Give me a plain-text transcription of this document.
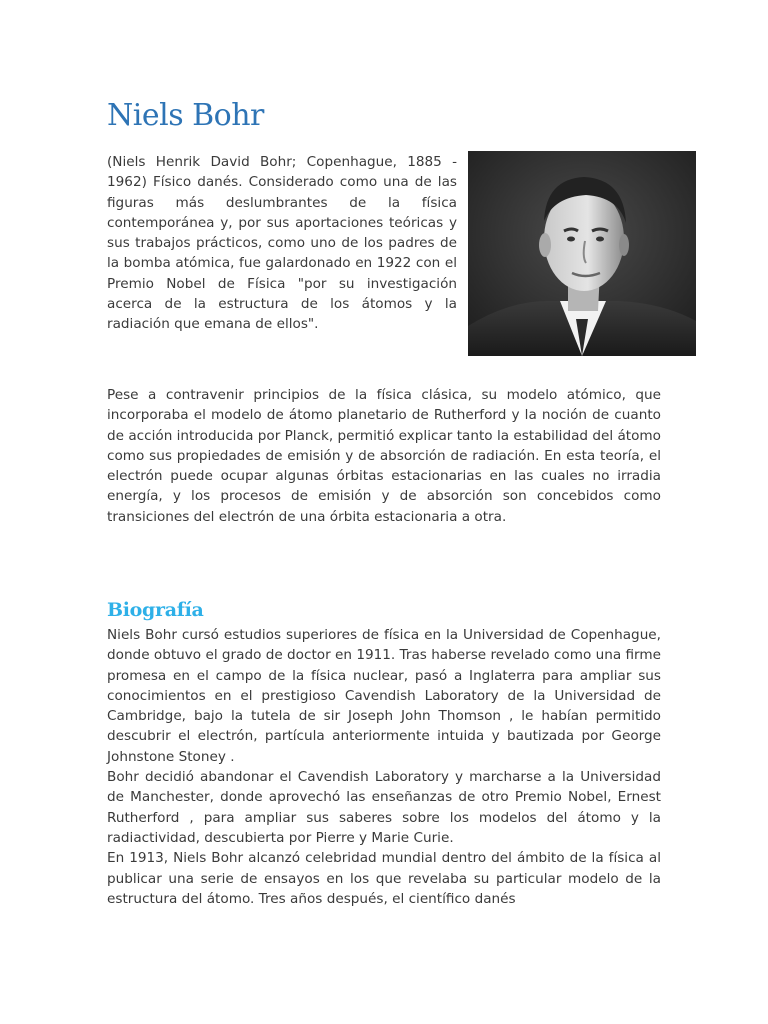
Niels Bohr

(Niels Henrik David Bohr; Copenhague, 1885 - 1962) Físico danés. Considerado como una de las figuras más deslumbrantes de la física contemporánea y, por sus aportaciones teóricas y sus trabajos prácticos, como uno de los padres de la bomba atómica, fue galardonado en 1922 con el Premio Nobel de Física "por su investigación acerca de la estructura de los átomos y la radiación que emana de ellos".

Pese a contravenir principios de la física clásica, su modelo atómico, que incorporaba el modelo de átomo planetario de Rutherford y la noción de cuanto de acción introducida por Planck, permitió explicar tanto la estabilidad del átomo como sus propiedades de emisión y de absorción de radiación. En esta teoría, el electrón puede ocupar algunas órbitas estacionarias en las cuales no irradia energía, y los procesos de emisión y de absorción son concebidos como transiciones del electrón de una órbita estacionaria a otra.

Biografía

Niels Bohr cursó estudios superiores de física en la Universidad de Copenhague, donde obtuvo el grado de doctor en 1911. Tras haberse revelado como una firme promesa en el campo de la física nuclear, pasó a Inglaterra para ampliar sus conocimientos en el prestigioso Cavendish Laboratory de la Universidad de Cambridge, bajo la tutela de sir Joseph John Thomson , le habían permitido descubrir el electrón, partícula anteriormente intuida y bautizada por George Johnstone Stoney .

Bohr decidió abandonar el Cavendish Laboratory y marcharse a la Universidad de Manchester, donde aprovechó las enseñanzas de otro Premio Nobel, Ernest Rutherford , para ampliar sus saberes sobre los modelos del átomo y la radiactividad, descubierta por Pierre y Marie Curie.

En 1913, Niels Bohr alcanzó celebridad mundial dentro del ámbito de la física al publicar una serie de ensayos en los que revelaba su particular modelo de la estructura del átomo. Tres años después, el científico danés
